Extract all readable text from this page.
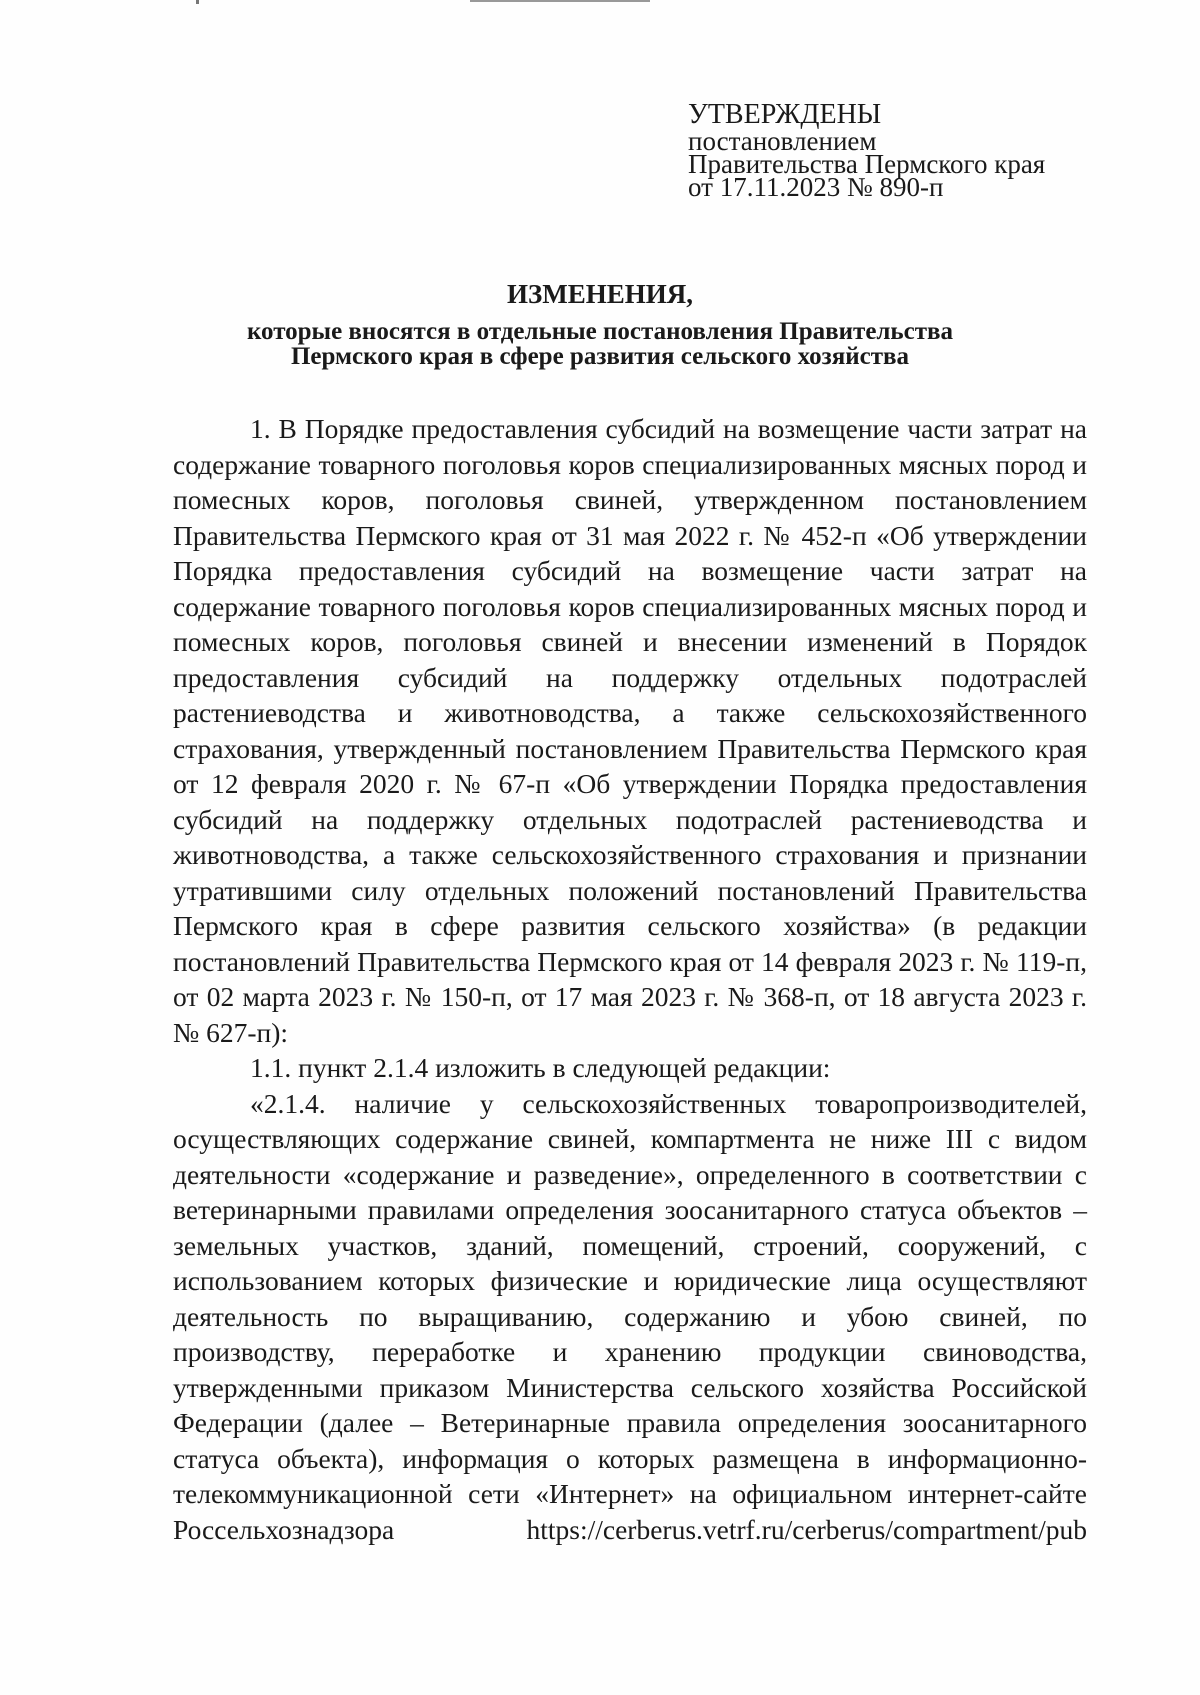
УТВЕРЖДЕНЫ
постановлением
Правительства Пермского края
от 17.11.2023 № 890-п
ИЗМЕНЕНИЯ,
которые вносятся в отдельные постановления Правительства
Пермского края в сфере развития сельского хозяйства

1. В Порядке предоставления субсидий на возмещение части затрат на содержание товарного поголовья коров специализированных мясных пород и помесных коров, поголовья свиней, утвержденном постановлением Правительства Пермского края от 31 мая 2022 г. № 452-п «Об утверждении Порядка предоставления субсидий на возмещение части затрат на содержание товарного поголовья коров специализированных мясных пород и помесных коров, поголовья свиней и внесении изменений в Порядок предоставления субсидий на поддержку отдельных подотраслей растениеводства и животноводства, а также сельскохозяйственного страхования, утвержденный постановлением Правительства Пермского края от 12 февраля 2020 г. № 67-п «Об утверждении Порядка предоставления субсидий на поддержку отдельных подотраслей растениеводства и животноводства, а также сельскохозяйственного страхования и признании утратившими силу отдельных положений постановлений Правительства Пермского края в сфере развития сельского хозяйства» (в редакции постановлений Правительства Пермского края от 14 февраля 2023 г. № 119-п, от 02 марта 2023 г. № 150-п, от 17 мая 2023 г. № 368-п, от 18 августа 2023 г. № 627-п):

1.1. пункт 2.1.4 изложить в следующей редакции:

«2.1.4. наличие у сельскохозяйственных товаропроизводителей, осуществляющих содержание свиней, компартмента не ниже III с видом деятельности «содержание и разведение», определенного в соответствии с ветеринарными правилами определения зоосанитарного статуса объектов – земельных участков, зданий, помещений, строений, сооружений, с использованием которых физические и юридические лица осуществляют деятельность по выращиванию, содержанию и убою свиней, по производству, переработке и хранению продукции свиноводства, утвержденными приказом Министерства сельского хозяйства Российской Федерации (далее – Ветеринарные правила определения зоосанитарного статуса объекта), информация о которых размещена в информационно-телекоммуникационной сети «Интернет» на официальном интернет-сайте Россельхознадзора https://cerberus.vetrf.ru/cerberus/compartment/pub
